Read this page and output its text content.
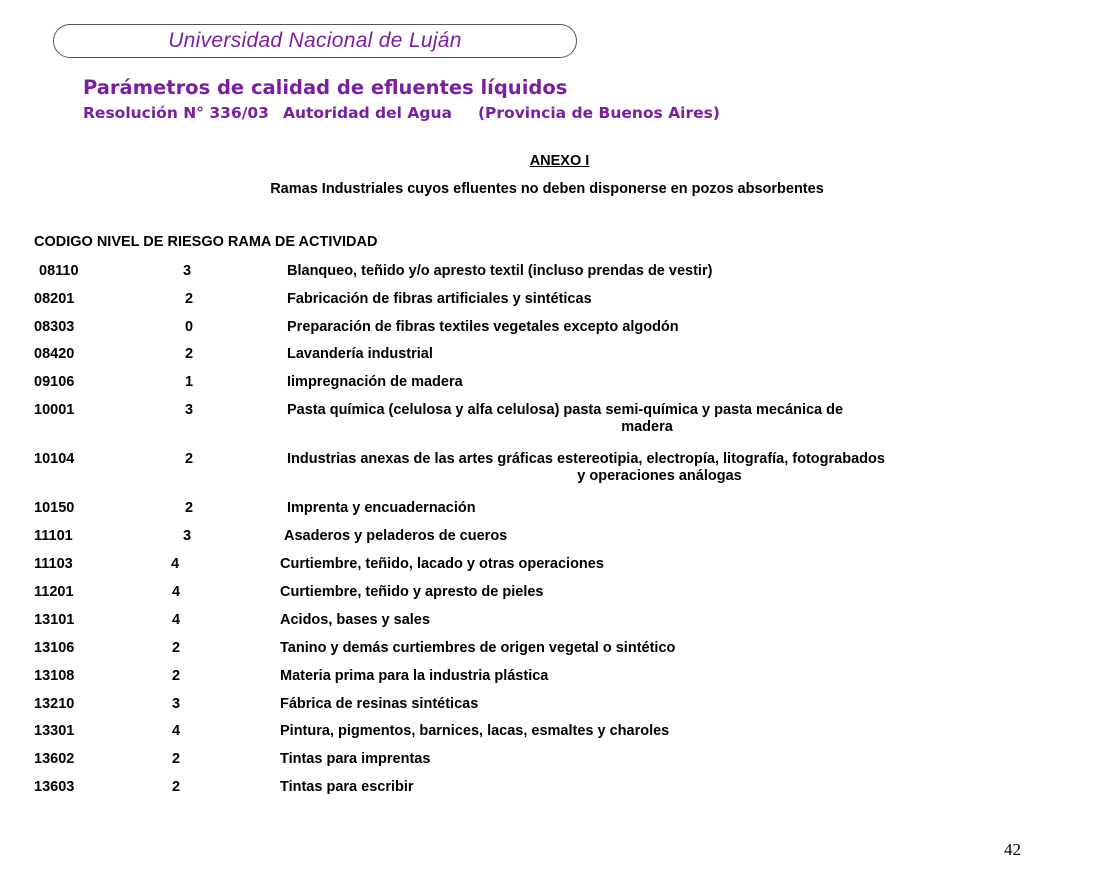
Universidad Nacional de Luján
Parámetros de calidad de efluentes líquidos
Resolución N° 336/03 Autoridad del Agua (Provincia de Buenos Aires)
ANEXO I
Ramas Industriales cuyos efluentes no deben disponerse en pozos absorbentes
CODIGO NIVEL DE RIESGO RAMA DE ACTIVIDAD
08110	3	Blanqueo, teñido y/o apresto textil (incluso prendas de vestir)
08201	2	Fabricación de fibras artificiales y sintéticas
08303	0	Preparación de fibras textiles vegetales excepto algodón
08420	2	Lavandería industrial
09106	1	Iimpregnación de madera
10001	3	Pasta química (celulosa y alfa celulosa) pasta semi-química y pasta mecánica de
madera
10104	2	Industrias anexas de las artes gráficas estereotipia, electropía, litografía, fotograbados
y operaciones análogas
10150	2	Imprenta y encuadernación
11101	3	Asaderos y peladeros de cueros
11103	4	Curtiembre, teñido, lacado y otras operaciones
11201	4	Curtiembre, teñido y apresto de pieles
13101	4	Acidos, bases y sales
13106	2	Tanino y demás curtiembres de origen vegetal o sintético
13108	2	Materia prima para la industria plástica
13210	3	Fábrica de resinas sintéticas
13301	4	Pintura, pigmentos, barnices, lacas, esmaltes y charoles
13602	2	Tintas para imprentas
13603	2	Tintas para escribir
42
